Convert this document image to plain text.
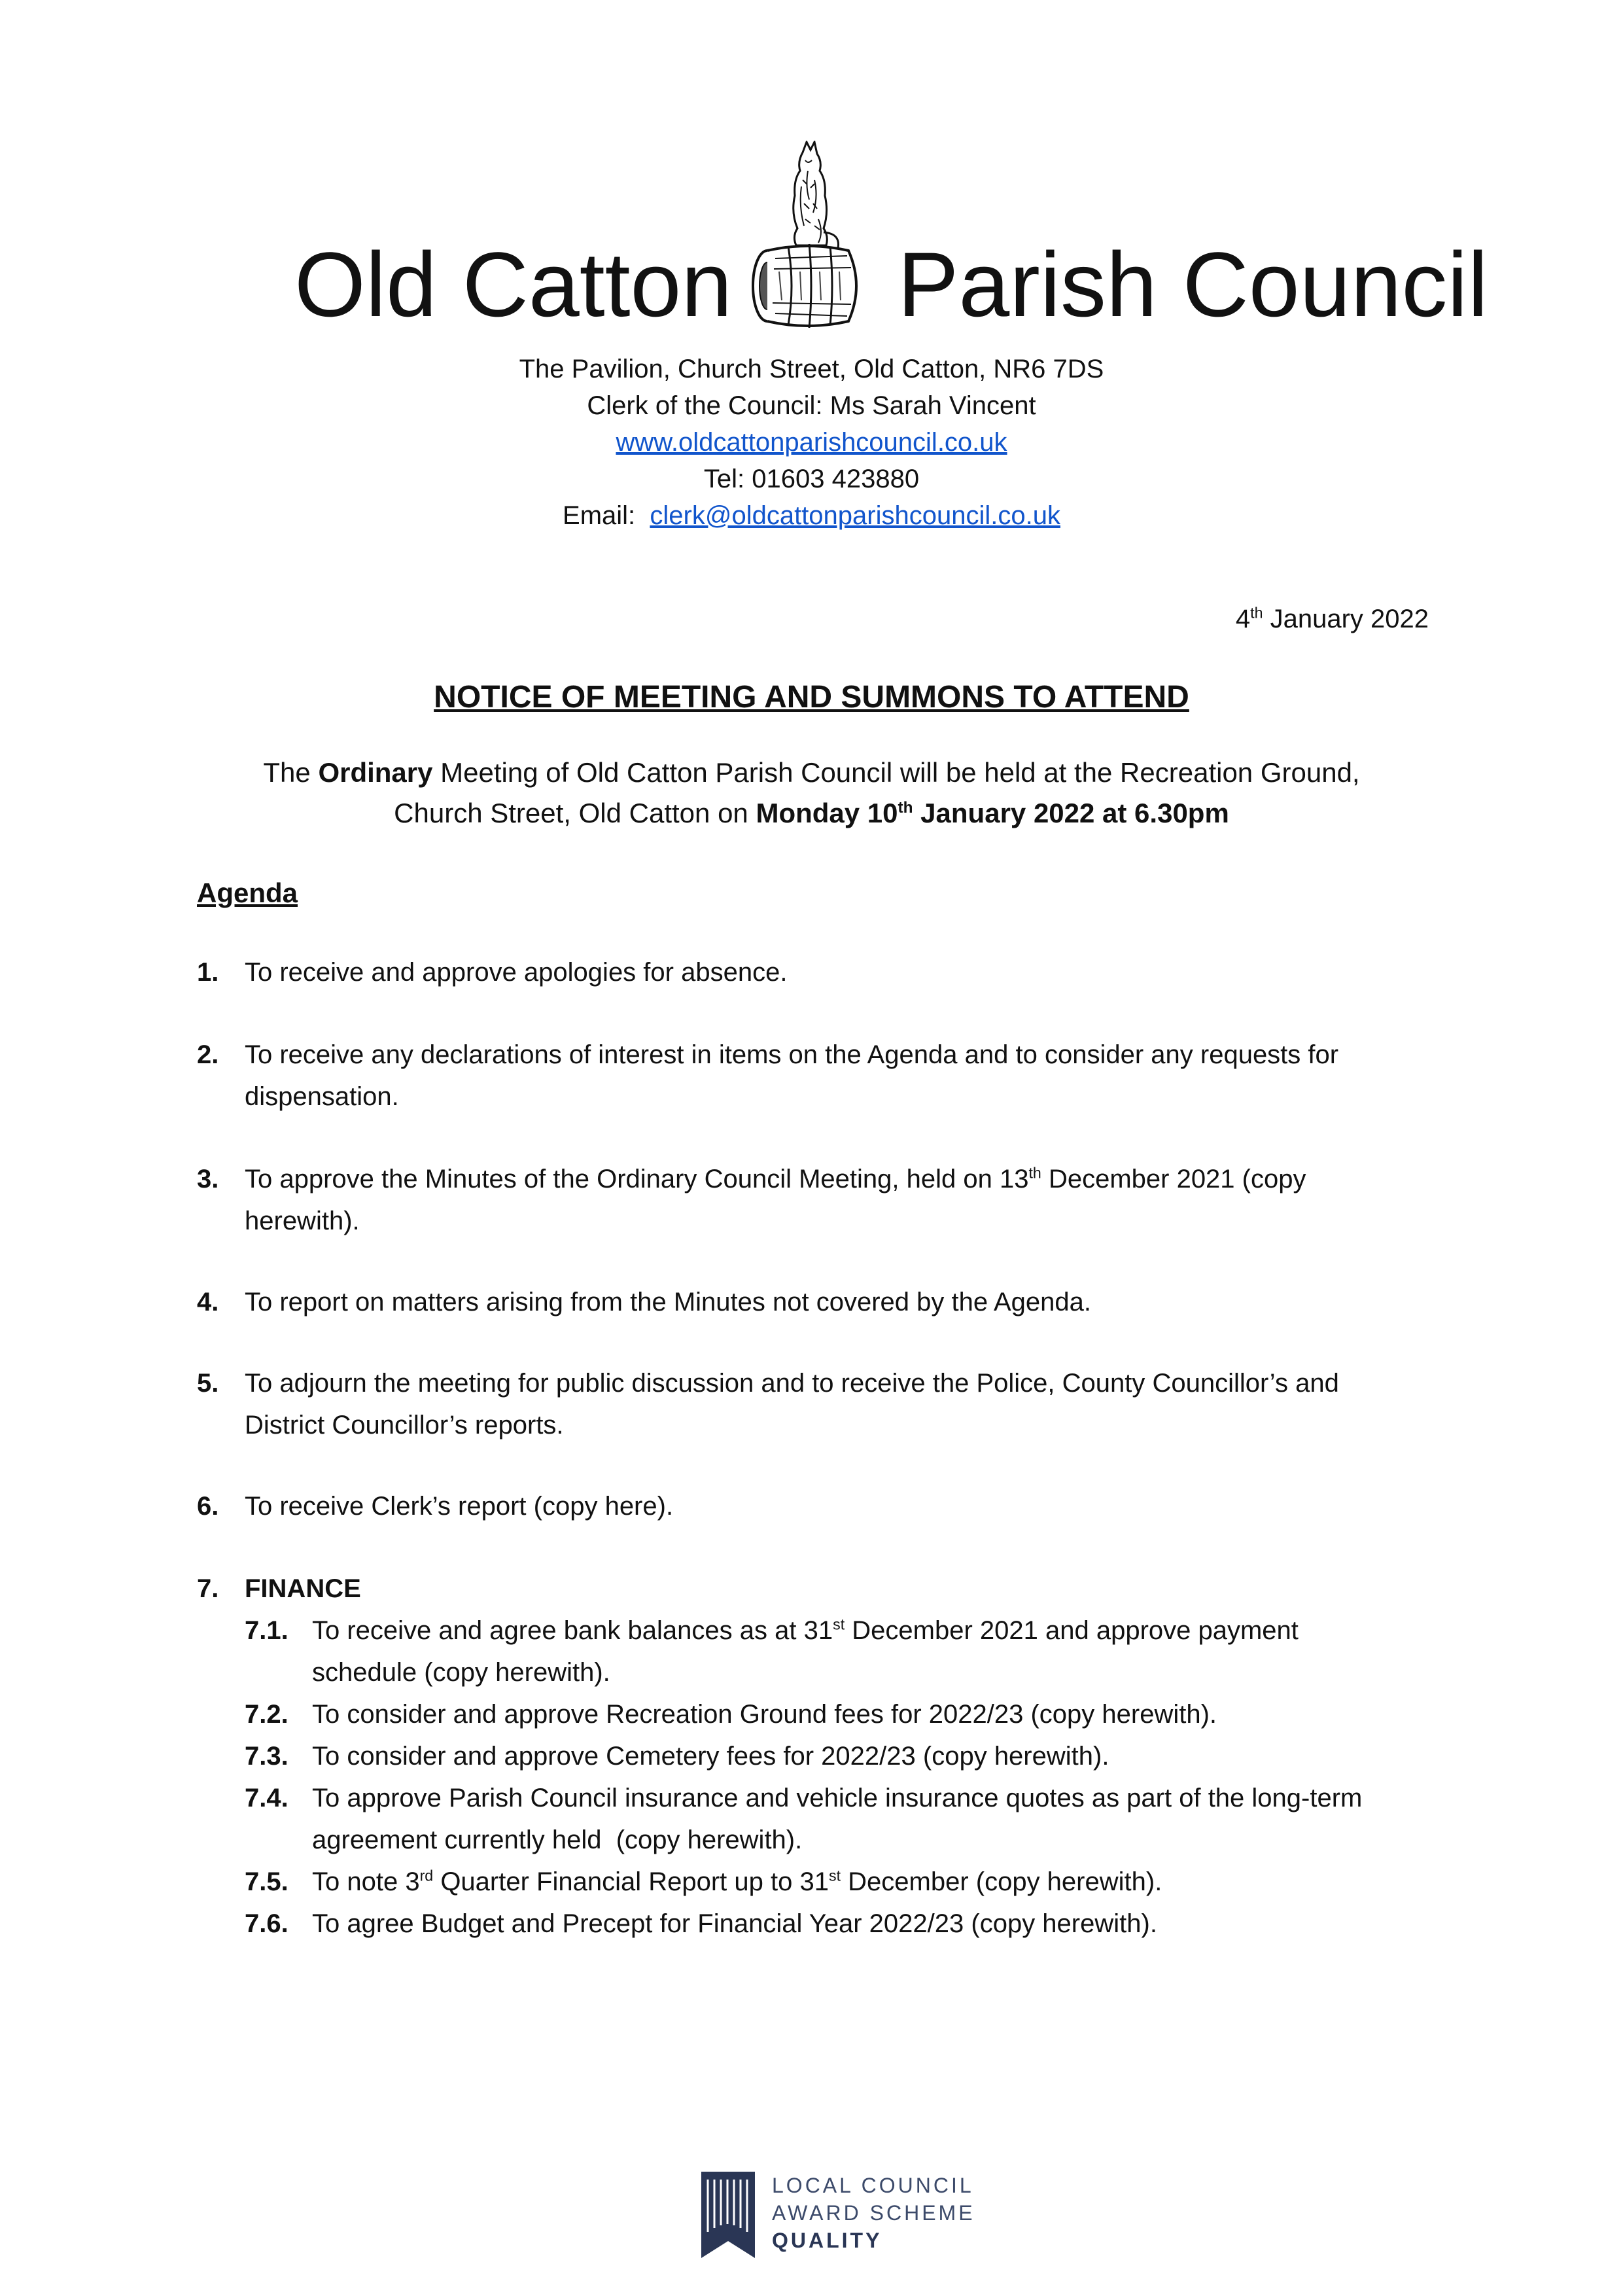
Old Catton Parish Council
The Pavilion, Church Street, Old Catton, NR6 7DS
Clerk of the Council: Ms Sarah Vincent
www.oldcattonparishcouncil.co.uk
Tel: 01603 423880
Email:  clerk@oldcattonparishcouncil.co.uk
4th January 2022
NOTICE OF MEETING AND SUMMONS TO ATTEND
The Ordinary Meeting of Old Catton Parish Council will be held at the Recreation Ground,
Church Street, Old Catton on Monday 10th January 2022 at 6.30pm
Agenda
1. To receive and approve apologies for absence.
2. To receive any declarations of interest in items on the Agenda and to consider any requests for
dispensation.
3. To approve the Minutes of the Ordinary Council Meeting, held on 13th December 2021 (copy
herewith).
4. To report on matters arising from the Minutes not covered by the Agenda.
5. To adjourn the meeting for public discussion and to receive the Police, County Councillor’s and
District Councillor’s reports.
6. To receive Clerk’s report (copy here).
7. FINANCE
7.1. To receive and agree bank balances as at 31st December 2021 and approve payment
schedule (copy herewith).
7.2. To consider and approve Recreation Ground fees for 2022/23 (copy herewith).
7.3. To consider and approve Cemetery fees for 2022/23 (copy herewith).
7.4. To approve Parish Council insurance and vehicle insurance quotes as part of the long-term
agreement currently held  (copy herewith).
7.5. To note 3rd Quarter Financial Report up to 31st December (copy herewith).
7.6. To agree Budget and Precept for Financial Year 2022/23 (copy herewith).
LOCAL COUNCIL
AWARD SCHEME
QUALITY
